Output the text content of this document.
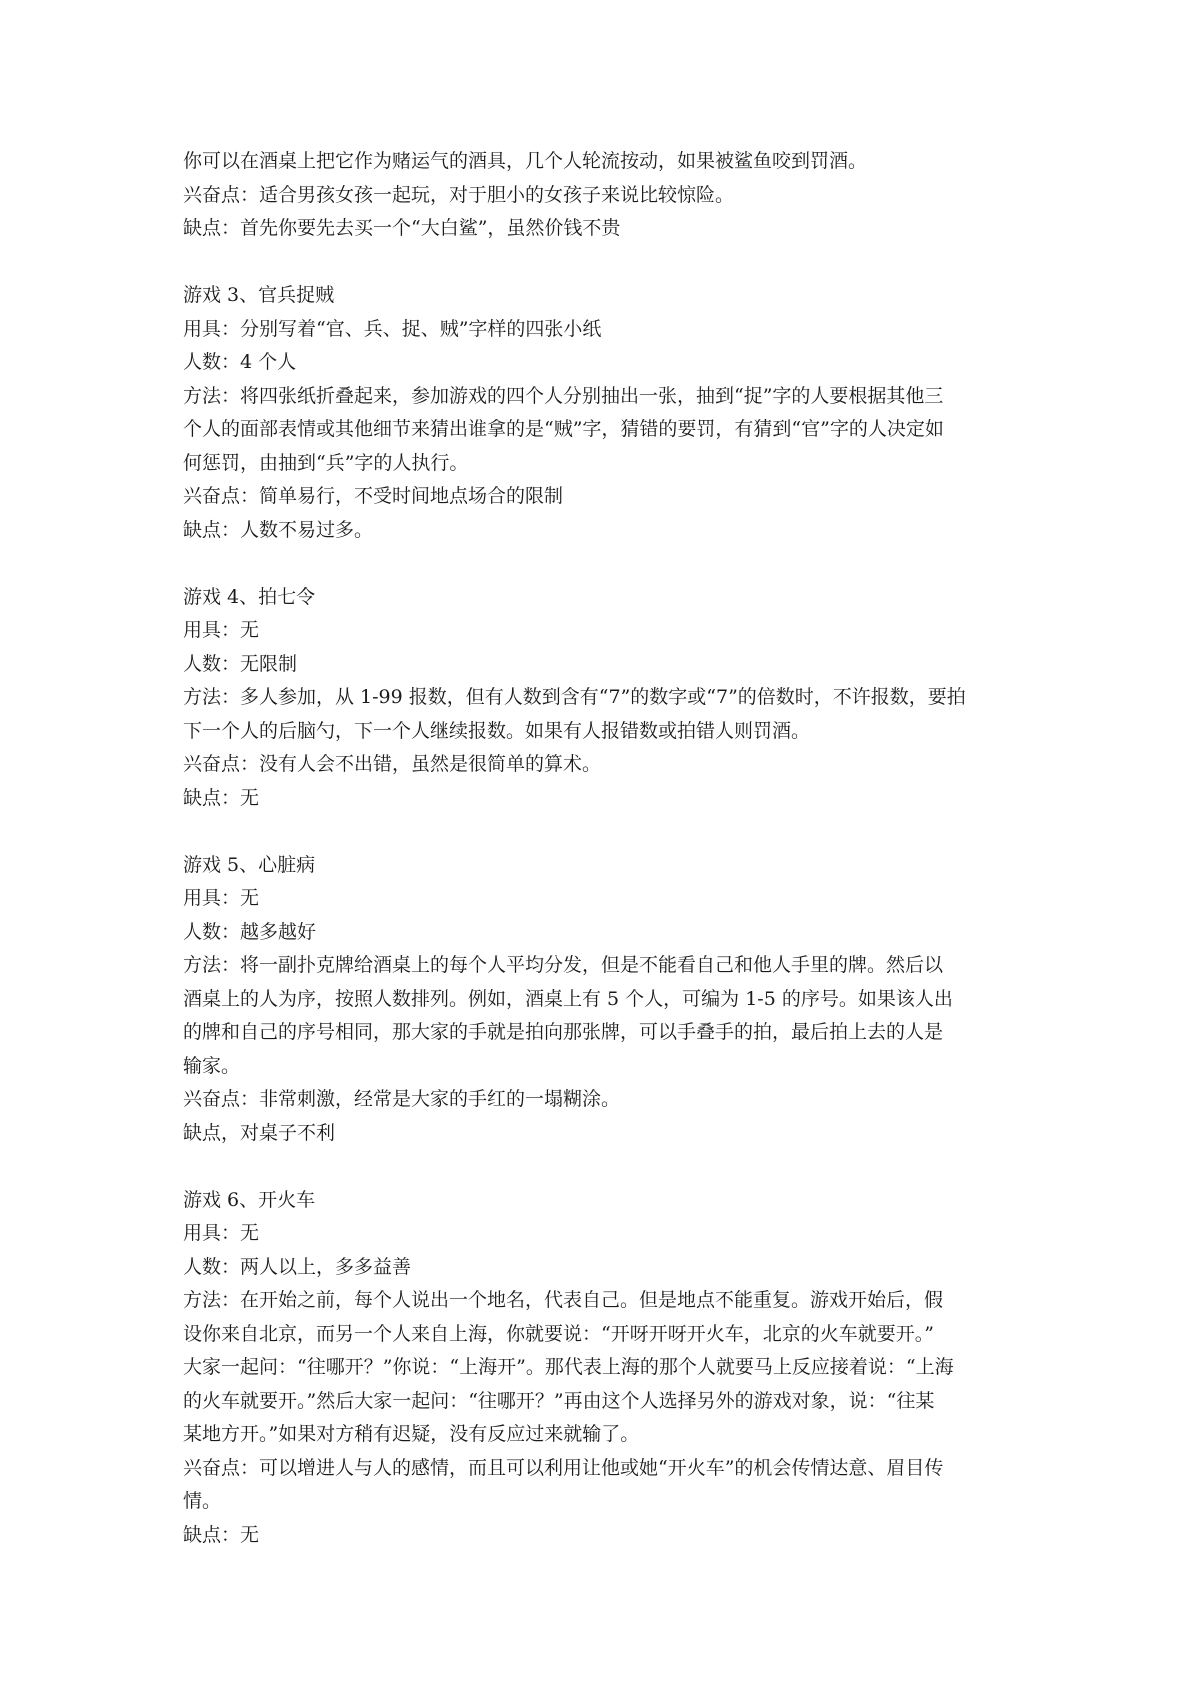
你可以在酒桌上把它作为赌运气的酒具，几个人轮流按动，如果被鲨鱼咬到罚酒。
兴奋点：适合男孩女孩一起玩，对于胆小的女孩子来说比较惊险。
缺点：首先你要先去买一个“大白鲨”，虽然价钱不贵
游戏 3、官兵捉贼
用具：分别写着“官、兵、捉、贼”字样的四张小纸
人数：4 个人
方法：将四张纸折叠起来，参加游戏的四个人分别抽出一张，抽到“捉”字的人要根据其他三
个人的面部表情或其他细节来猜出谁拿的是“贼”字，猜错的要罚，有猜到“官”字的人决定如
何惩罚，由抽到“兵”字的人执行。
兴奋点：简单易行，不受时间地点场合的限制
缺点：人数不易过多。
游戏 4、拍七令
用具：无
人数：无限制
方法：多人参加，从 1-99 报数，但有人数到含有“7”的数字或“7”的倍数时，不许报数，要拍
下一个人的后脑勺，下一个人继续报数。如果有人报错数或拍错人则罚酒。
兴奋点：没有人会不出错，虽然是很简单的算术。
缺点：无
游戏 5、心脏病
用具：无
人数：越多越好
方法：将一副扑克牌给酒桌上的每个人平均分发，但是不能看自己和他人手里的牌。然后以
酒桌上的人为序，按照人数排列。例如，酒桌上有 5 个人，可编为 1-5 的序号。如果该人出
的牌和自己的序号相同，那大家的手就是拍向那张牌，可以手叠手的拍，最后拍上去的人是
输家。
兴奋点：非常刺激，经常是大家的手红的一塌糊涂。
缺点，对桌子不利
游戏 6、开火车
用具：无
人数：两人以上，多多益善
方法：在开始之前，每个人说出一个地名，代表自己。但是地点不能重复。游戏开始后，假
设你来自北京，而另一个人来自上海，你就要说：“开呀开呀开火车，北京的火车就要开。”
大家一起问：“往哪开？”你说：“上海开”。那代表上海的那个人就要马上反应接着说：“上海
的火车就要开。”然后大家一起问：“往哪开？”再由这个人选择另外的游戏对象，说：“往某
某地方开。”如果对方稍有迟疑，没有反应过来就输了。
兴奋点：可以增进人与人的感情，而且可以利用让他或她“开火车”的机会传情达意、眉目传
情。
缺点：无
